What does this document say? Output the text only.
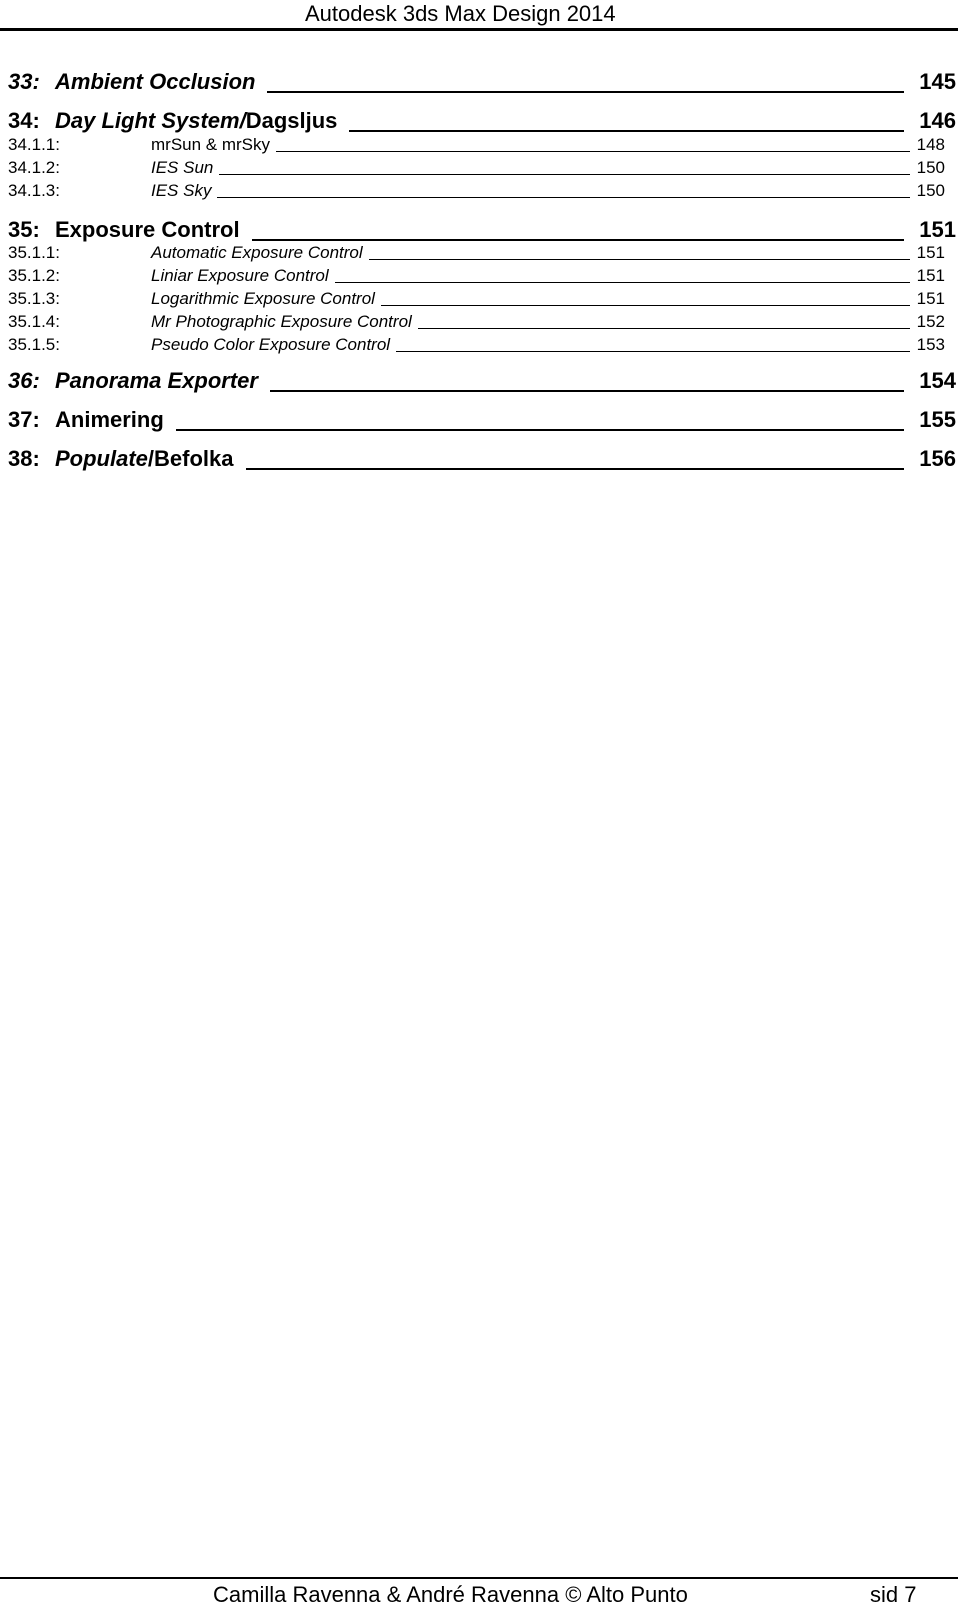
Autodesk 3ds Max Design 2014
33: Ambient Occlusion	145
34: Day Light System/Dagsljus	146
34.1.1:	mrSun & mrSky	148
34.1.2:	IES Sun	150
34.1.3:	IES Sky	150
35: Exposure Control	151
35.1.1:	Automatic Exposure Control	151
35.1.2:	Liniar Exposure Control	151
35.1.3:	Logarithmic Exposure Control	151
35.1.4:	Mr Photographic Exposure Control	152
35.1.5:	Pseudo Color Exposure Control	153
36: Panorama Exporter	154
37: Animering	155
38: Populate/Befolka	156
Camilla Ravenna & André Ravenna © Alto Punto	sid 7
